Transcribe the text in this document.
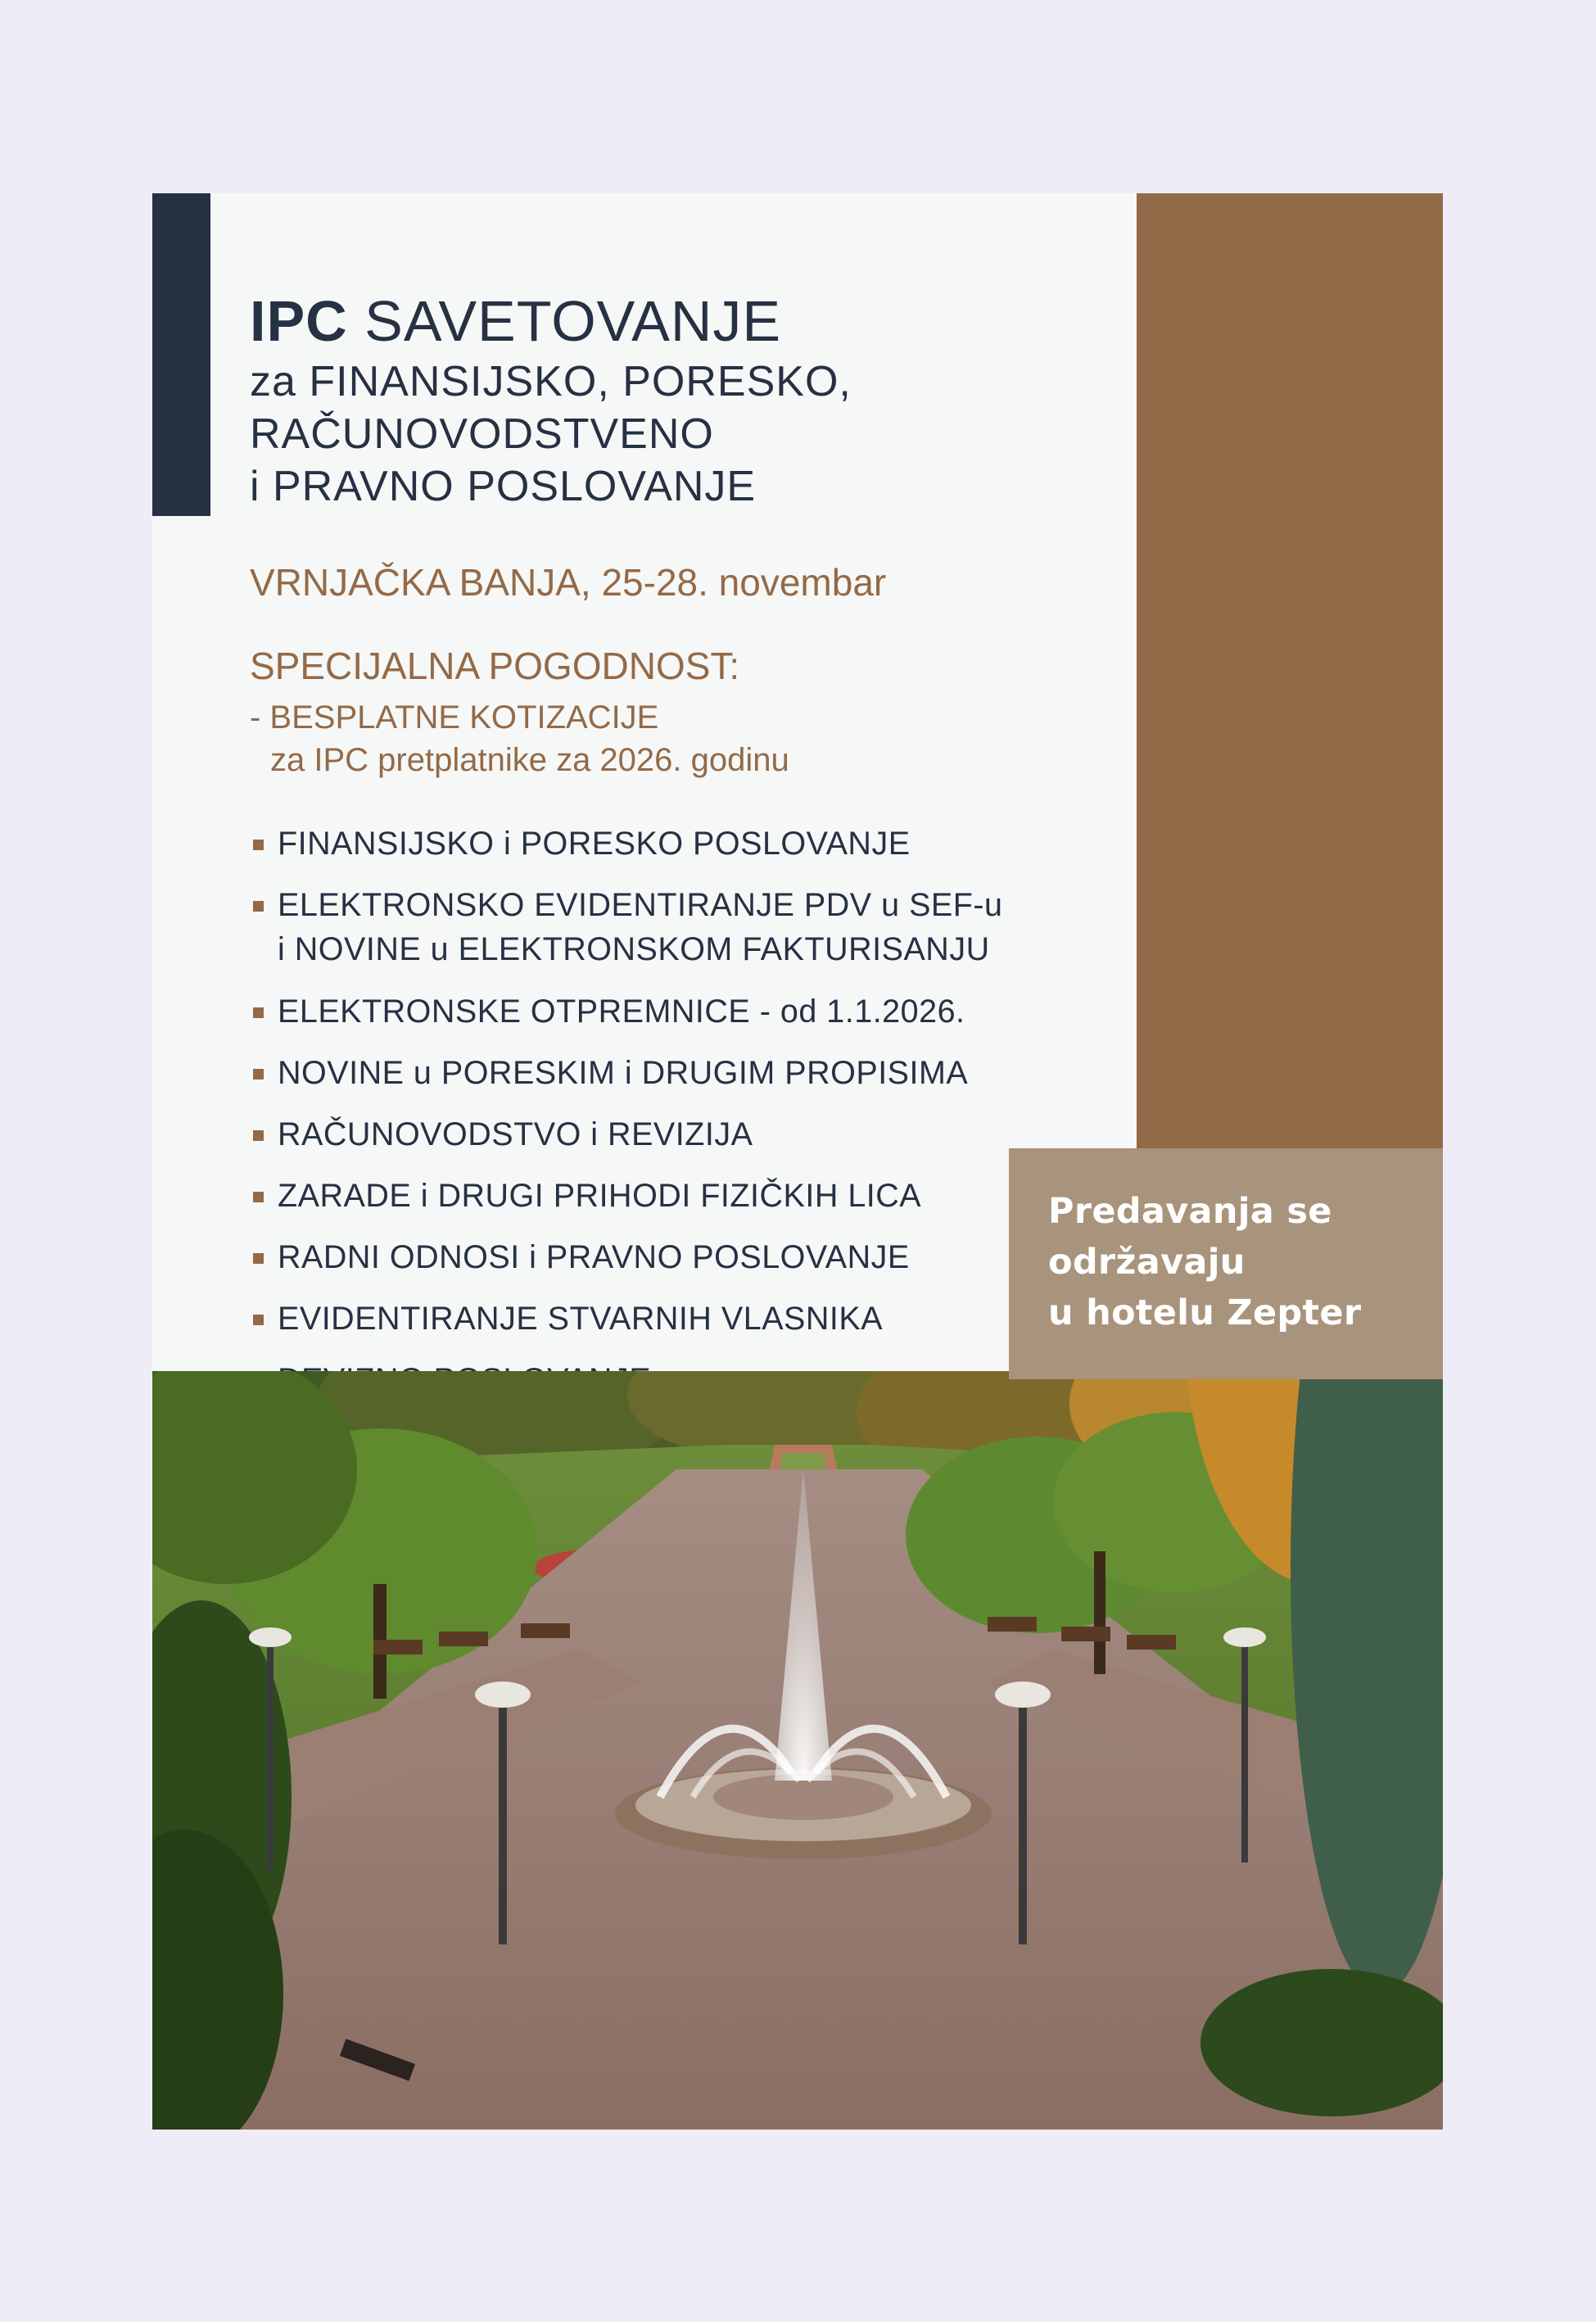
IPC SAVETOVANJE
za FINANSIJSKO, PORESKO,
RAČUNOVODSTVENO
i PRAVNO POSLOVANJE
VRNJAČKA BANJA, 25-28. novembar
SPECIJALNA POGODNOST:
- BESPLATNE KOTIZACIJE
za IPC pretplatnike za 2026. godinu
FINANSIJSKO i PORESKO POSLOVANJE
ELEKTRONSKO EVIDENTIRANJE PDV u SEF-u
i NOVINE u ELEKTRONSKOM FAKTURISANJU
ELEKTRONSKE OTPREMNICE - od 1.1.2026.
NOVINE u PORESKIM i DRUGIM PROPISIMA
RAČUNOVODSTVO i REVIZIJA
ZARADE i DRUGI PRIHODI FIZIČKIH LICA
RADNI ODNOSI i PRAVNO POSLOVANJE
EVIDENTIRANJE STVARNIH VLASNIKA
Predavanja se
održavaju
u hotelu Zepter
